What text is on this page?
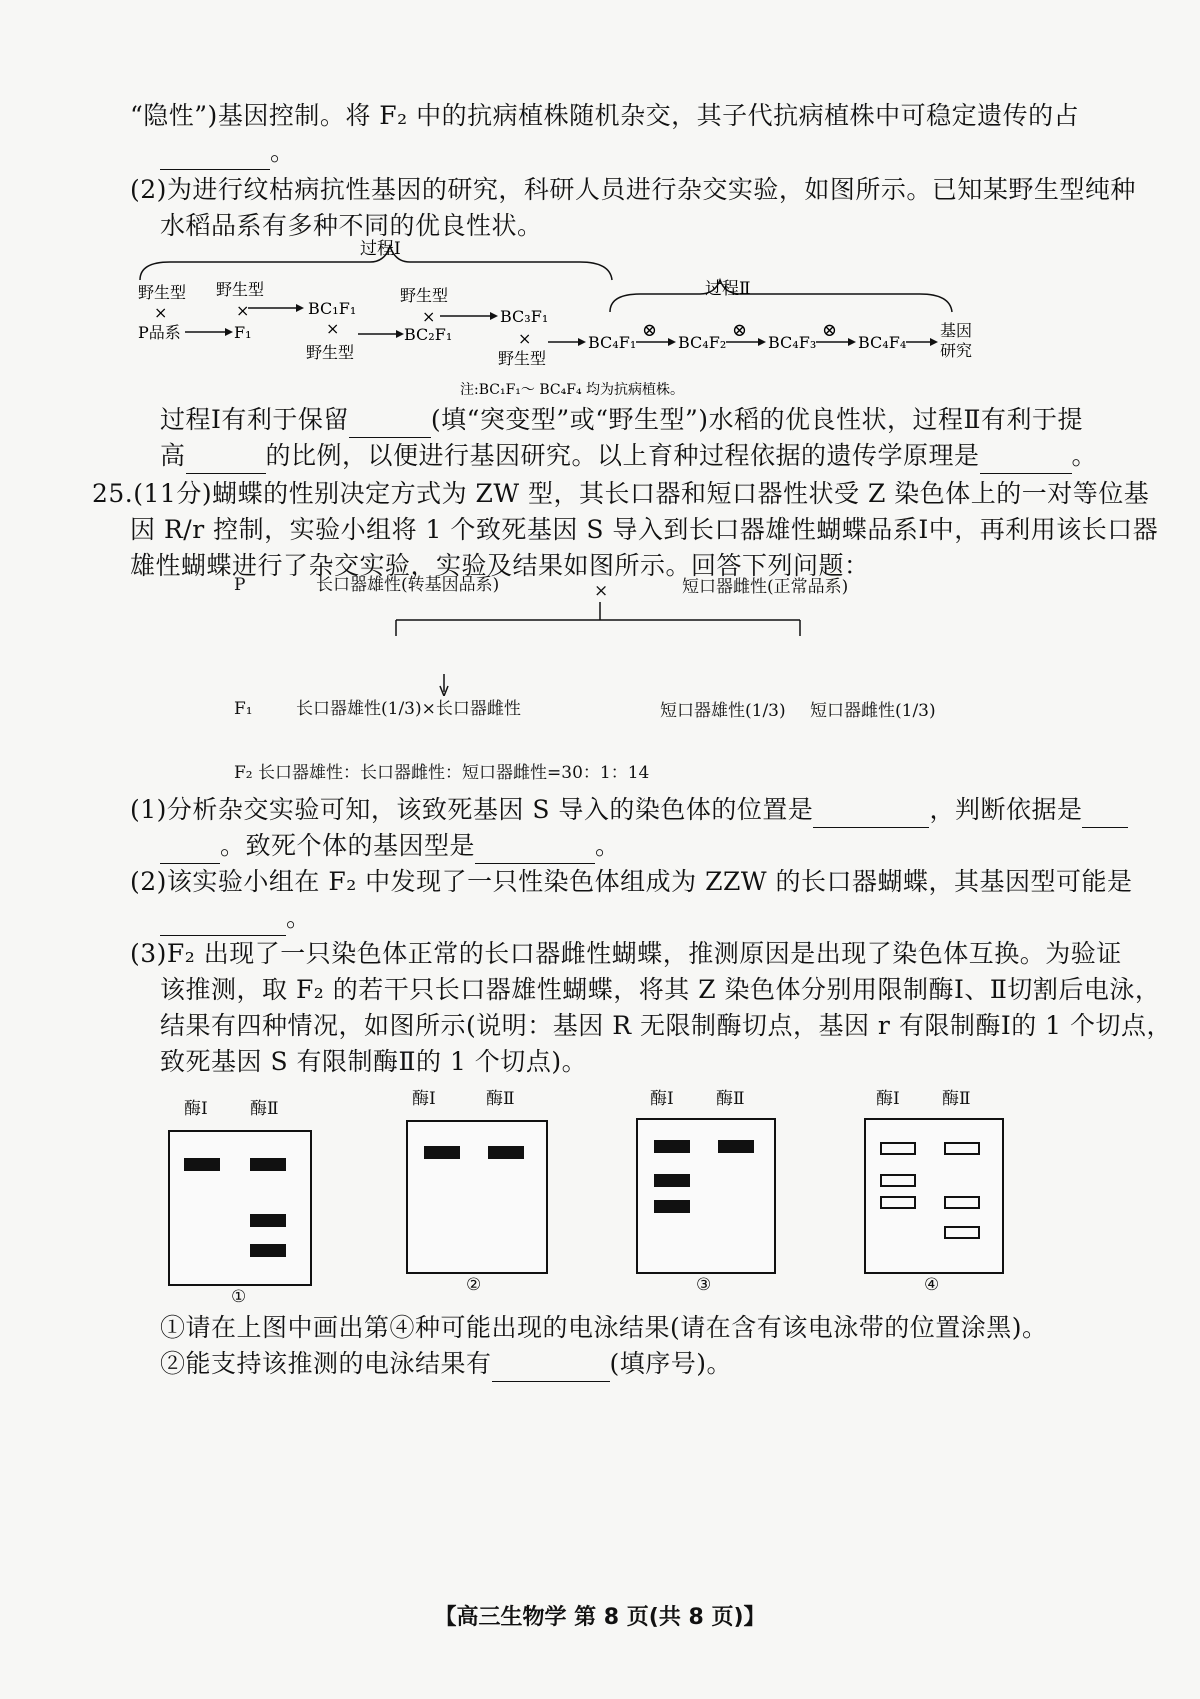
“隐性”)基因控制。将 F₂ 中的抗病植株随机杂交，其子代抗病植株中可稳定遗传的占
。
(2)为进行纹枯病抗性基因的研究，科研人员进行杂交实验，如图所示。已知某野生型纯种
水稻品系有多种不同的优良性状。
过程Ⅰ
过程Ⅱ
野生型
×
P品系	F₁
野生型
×	BC₁F₁
×
野生型
BC₂F₁
野生型
×	BC₃F₁
×
野生型
BC₄F₁
⊗
BC₄F₂
⊗
BC₄F₃
⊗
BC₄F₄
基因
研究
注:BC₁F₁～ BC₄F₄ 均为抗病植株。
过程Ⅰ有利于保留	(填“突变型”或“野生型”)水稻的优良性状，过程Ⅱ有利于提
高	的比例，以便进行基因研究。以上育种过程依据的遗传学原理是	。
25.(11分)蝴蝶的性别决定方式为 ZW 型，其长口器和短口器性状受 Z 染色体上的一对等位基
因 R/r 控制，实验小组将 1 个致死基因 S 导入到长口器雄性蝴蝶品系Ⅰ中，再利用该长口器
雄性蝴蝶进行了杂交实验，实验及结果如图所示。回答下列问题：
P	长口器雄性(转基因品系)	×	短口器雌性(正常品系)
F₁	长口器雄性(1/3)×长口器雌性	短口器雄性(1/3) 短口器雌性(1/3)
F₂ 长口器雄性：长口器雌性：短口器雌性=30：1：14
(1)分析杂交实验可知，该致死基因 S 导入的染色体的位置是	，判断依据是
。致死个体的基因型是	。
(2)该实验小组在 F₂ 中发现了一只性染色体组成为 ZZW 的长口器蝴蝶，其基因型可能是
。
(3)F₂ 出现了一只染色体正常的长口器雌性蝴蝶，推测原因是出现了染色体互换。为验证
该推测，取 F₂ 的若干只长口器雄性蝴蝶，将其 Z 染色体分别用限制酶Ⅰ、Ⅱ切割后电泳，
结果有四种情况，如图所示(说明：基因 R 无限制酶切点，基因 r 有限制酶Ⅰ的 1 个切点，
致死基因 S 有限制酶Ⅱ的 1 个切点)。
酶Ⅰ 酶Ⅱ
①
酶Ⅰ	酶Ⅱ
②
酶Ⅰ 酶Ⅱ
③
酶Ⅰ 酶Ⅱ
④
①请在上图中画出第④种可能出现的电泳结果(请在含有该电泳带的位置涂黑)。
②能支持该推测的电泳结果有	(填序号)。
【高三生物学 第 8 页(共 8 页)】
